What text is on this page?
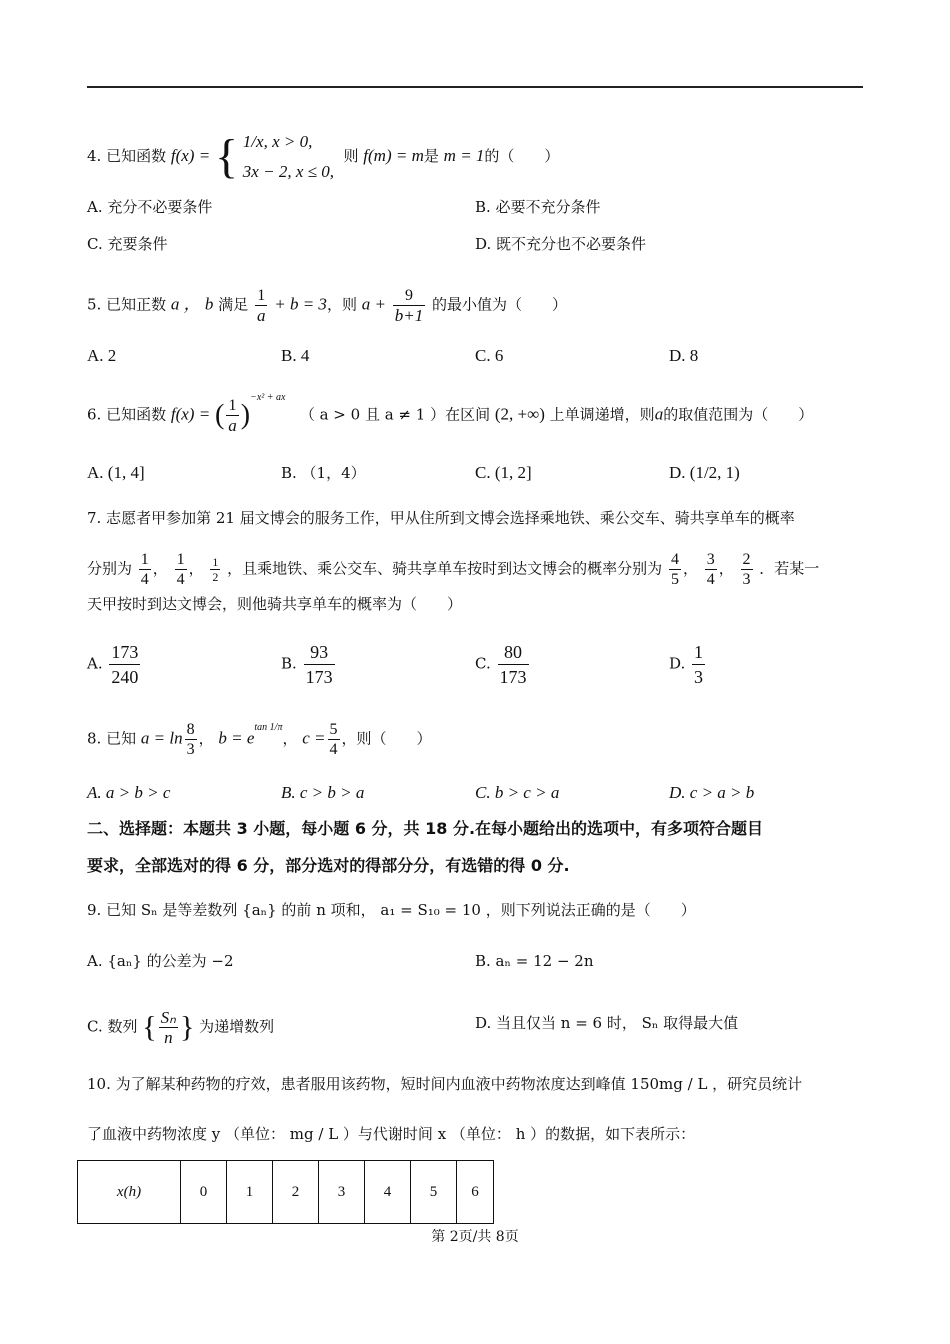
4. 已知函数 f(x) = { 1/x, x > 0,
3x − 2, x ≤ 0,
则 f(m) = m是 m = 1的（　　）
A. 充分不必要条件	B. 必要不充分条件
C. 充要条件	D. 既不充分也不必要条件
5. 已知正数 a ， b 满足 $\frac{1}{a} + b = 3$，则 $a + \frac{9}{b+1}$ 的最小值为（　　）
A. 2	B. 4	C. 6	D. 8
6. 已知函数 f(x) = ( $\frac{1}{a} )^{-x^2 + ax}$   （ a > 0 且 a ≠ 1 ）在区间 (2, +∞) 上单调递增，则a的取值范围为（　　）
A. (1, 4]	B. （1，4）	C. (1, 2]	D. (1/2, 1)
7. 志愿者甲参加第 21 届文博会的服务工作，甲从住所到文博会选择乘地铁、乘公交车、骑共享单车的概率
分别为 $\frac{1}{4}$ ， $\frac{1}{4}$ ， $\frac{1}{2}$ ，且乘地铁、乘公交车、骑共享单车按时到达文博会的概率分别为 $\frac{4}{5}$ ， $\frac{3}{4}$ ， $\frac{2}{3}$ ．若某一
天甲按时到达文博会，则他骑共享单车的概率为（　　）
A. $\frac{173}{240}$	B. $\frac{93}{173}$	C. $\frac{80}{173}$	D. $\frac{1}{3}$
8. 已知 $a = \ln \frac{8}{3}$ ， $b = e^{tan 1/\pi}$， $c = \frac{5}{4}$ ，则（　　）
A. a > b > c	B. c > b > a	C. b > c > a	D. c > a > b
二、选择题：本题共 3 小题，每小题 6 分，共 18 分.在每小题给出的选项中，有多项符合题目
要求，全部选对的得 6 分，部分选对的得部分分，有选错的得 0 分.
9. 已知 Sₙ 是等差数列 {aₙ} 的前 n 项和， a₁ = S₁₀ = 10 ，则下列说法正确的是（　　）
A. {aₙ} 的公差为 −2	B. aₙ = 12 − 2n
C. 数列 { $\frac{\text{Sₙ}}{n}$ } 为递增数列	D. 当且仅当 n = 6 时， Sₙ 取得最大值
10. 为了解某种药物的疗效，患者服用该药物，短时间内血液中药物浓度达到峰值 150mg / L ，研究员统计
了血液中药物浓度 y （单位： mg / L ）与代谢时间 x （单位： h ）的数据，如下表所示：
x(h)	0	1	2	3	4	5	6
第 2页/共 8页
